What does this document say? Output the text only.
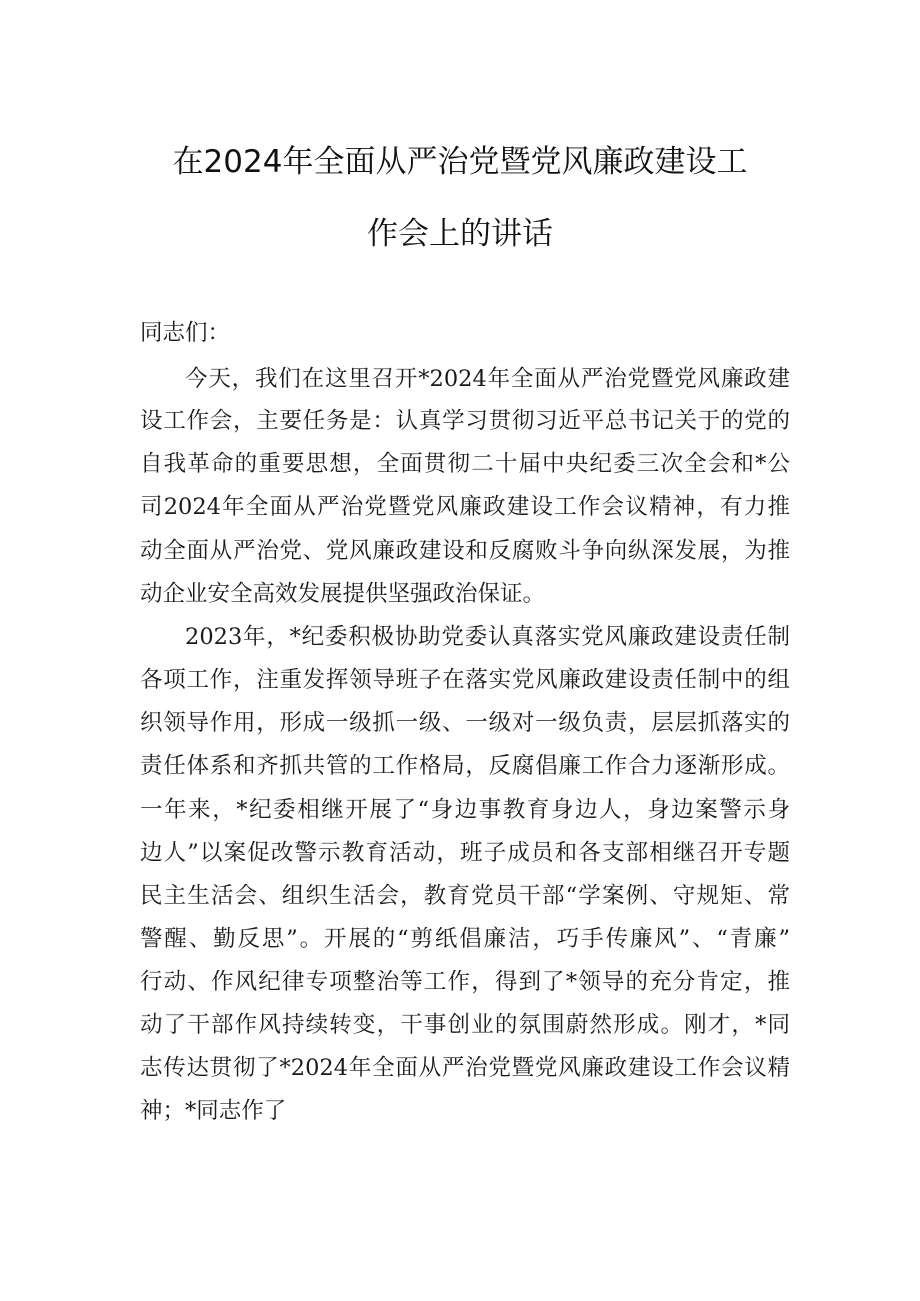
在2024年全面从严治党暨党风廉政建设工
作会上的讲话
同志们：
今天，我们在这里召开*2024年全面从严治党暨党风廉政建
设工作会，主要任务是：认真学习贯彻习近平总书记关于的党的
自我革命的重要思想，全面贯彻二十届中央纪委三次全会和*公
司2024年全面从严治党暨党风廉政建设工作会议精神，有力推
动全面从严治党、党风廉政建设和反腐败斗争向纵深发展，为推
动企业安全高效发展提供坚强政治保证。
2023年，*纪委积极协助党委认真落实党风廉政建设责任制
各项工作，注重发挥领导班子在落实党风廉政建设责任制中的组
织领导作用，形成一级抓一级、一级对一级负责，层层抓落实的
责任体系和齐抓共管的工作格局，反腐倡廉工作合力逐渐形成。
一年来，*纪委相继开展了“身边事教育身边人，身边案警示身
边人”以案促改警示教育活动，班子成员和各支部相继召开专题
民主生活会、组织生活会，教育党员干部“学案例、守规矩、常
警醒、勤反思”。开展的“剪纸倡廉洁，巧手传廉风”、“青廉”
行动、作风纪律专项整治等工作，得到了*领导的充分肯定，推
动了干部作风持续转变，干事创业的氛围蔚然形成。刚才，*同
志传达贯彻了*2024年全面从严治党暨党风廉政建设工作会议精
神；*同志作了
